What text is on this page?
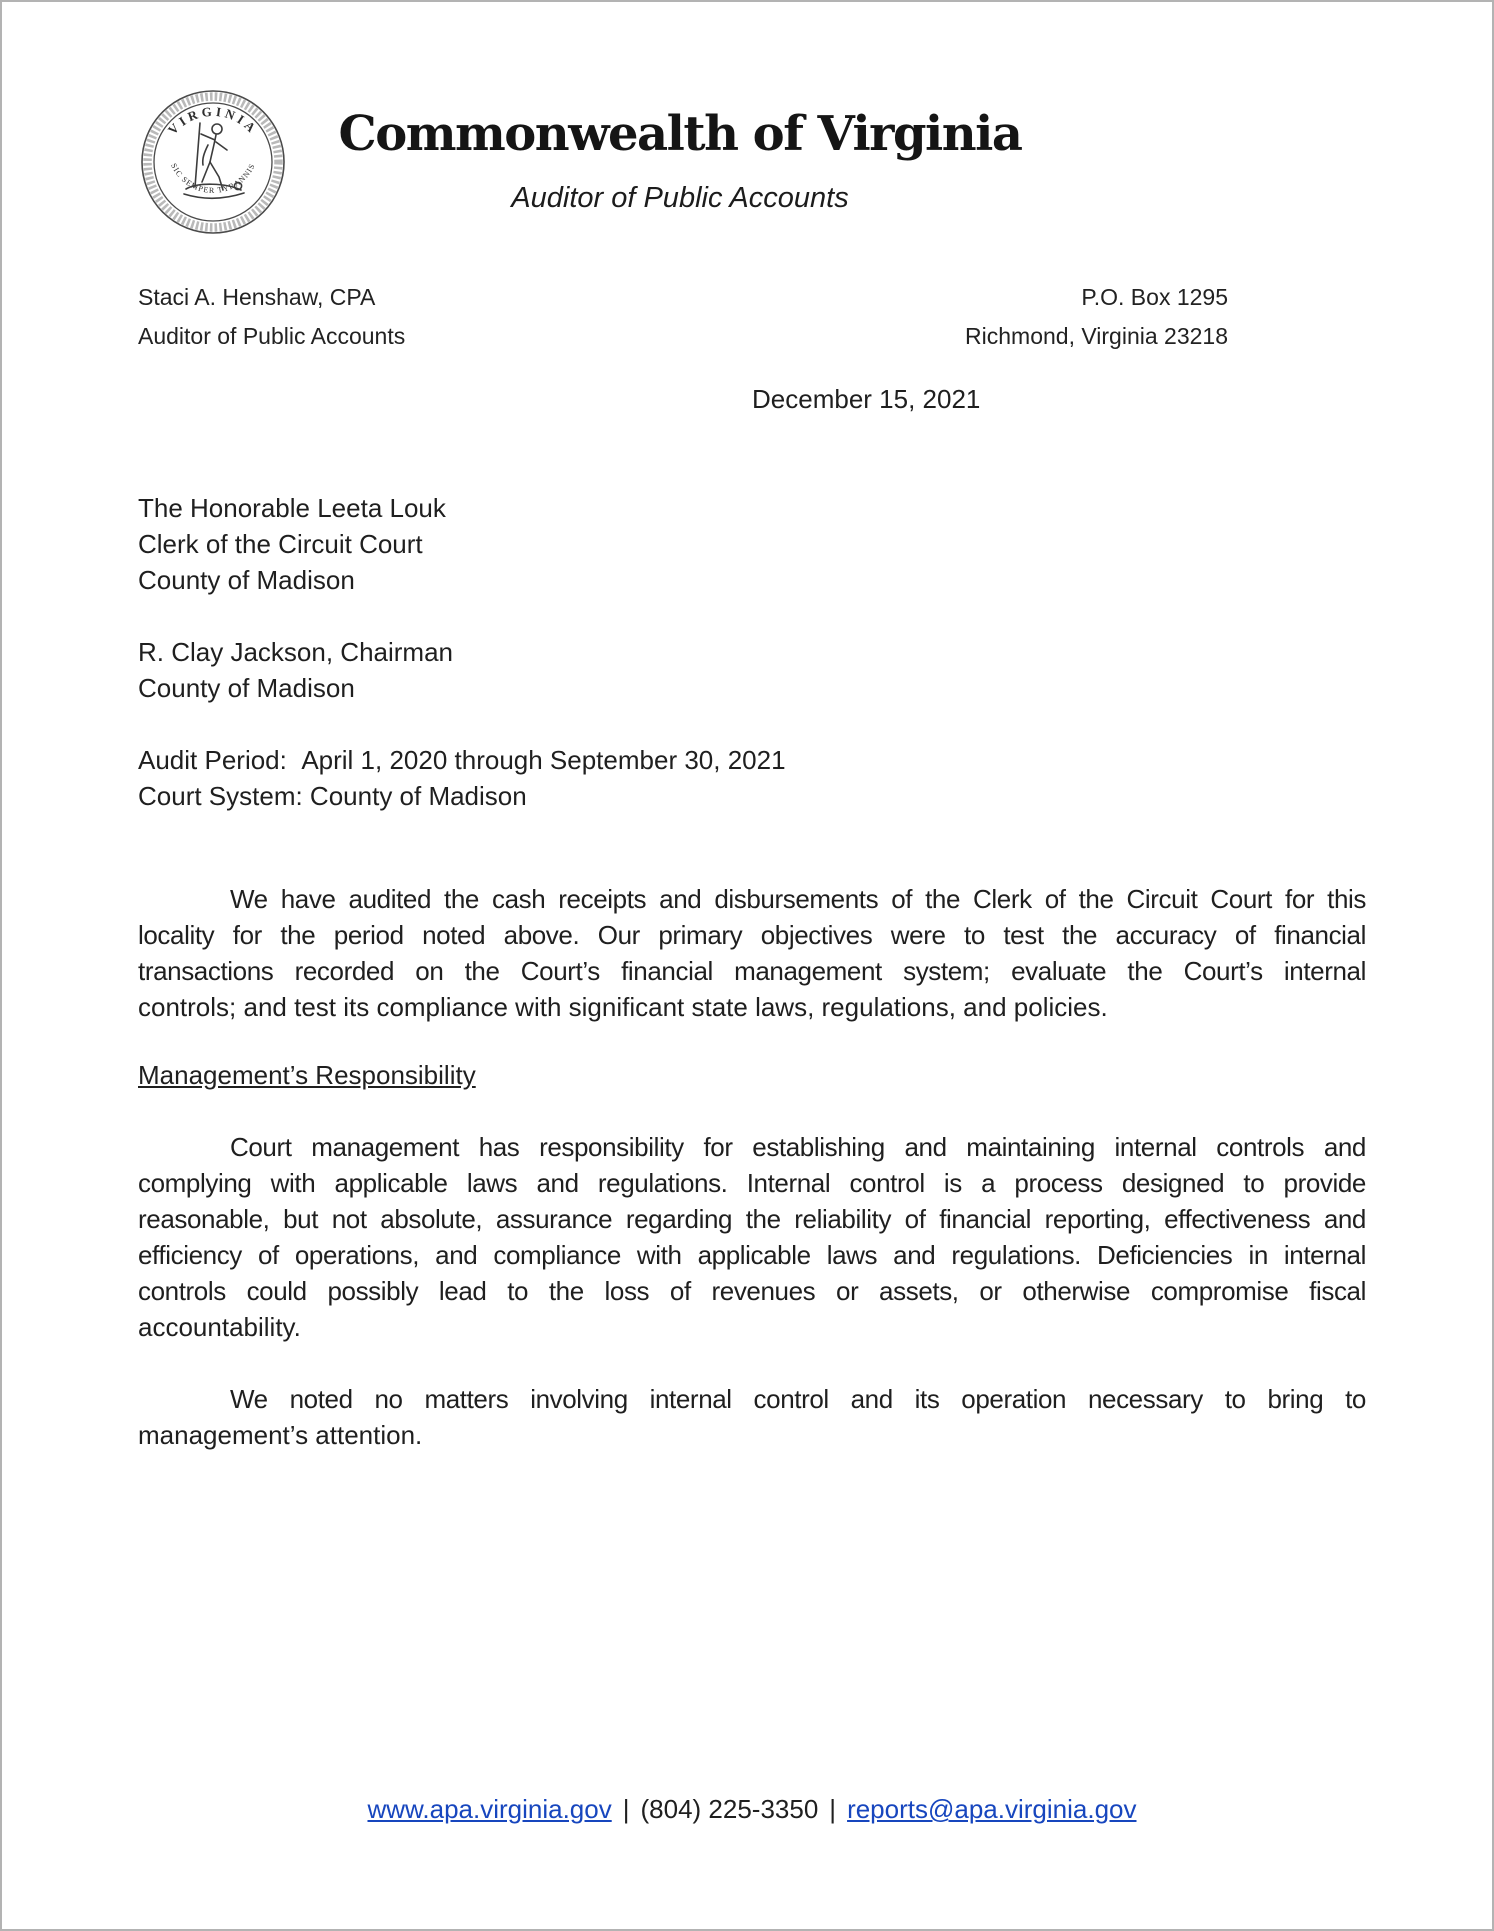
VIRGINIA
SIC SEMPER TYRANNIS
Commonwealth of Virginia
Auditor of Public Accounts
Staci A. Henshaw, CPA
Auditor of Public Accounts
P.O. Box 1295
Richmond, Virginia 23218
December 15, 2021
The Honorable Leeta Louk
Clerk of the Circuit Court
County of Madison
R. Clay Jackson, Chairman
County of Madison
Audit Period:  April 1, 2020 through September 30, 2021
Court System: County of Madison
We have audited the cash receipts and disbursements of the Clerk of the Circuit Court for this
locality for the period noted above. Our primary objectives were to test the accuracy of financial
transactions recorded on the Court’s financial management system; evaluate the Court’s internal
controls; and test its compliance with significant state laws, regulations, and policies.
Management’s Responsibility
Court management has responsibility for establishing and maintaining internal controls and
complying with applicable laws and regulations. Internal control is a process designed to provide
reasonable, but not absolute, assurance regarding the reliability of financial reporting, effectiveness and
efficiency of operations, and compliance with applicable laws and regulations. Deficiencies in internal
controls could possibly lead to the loss of revenues or assets, or otherwise compromise fiscal
accountability.
We noted no matters involving internal control and its operation necessary to bring to
management’s attention.
www.apa.virginia.gov | (804) 225-3350 | reports@apa.virginia.gov
